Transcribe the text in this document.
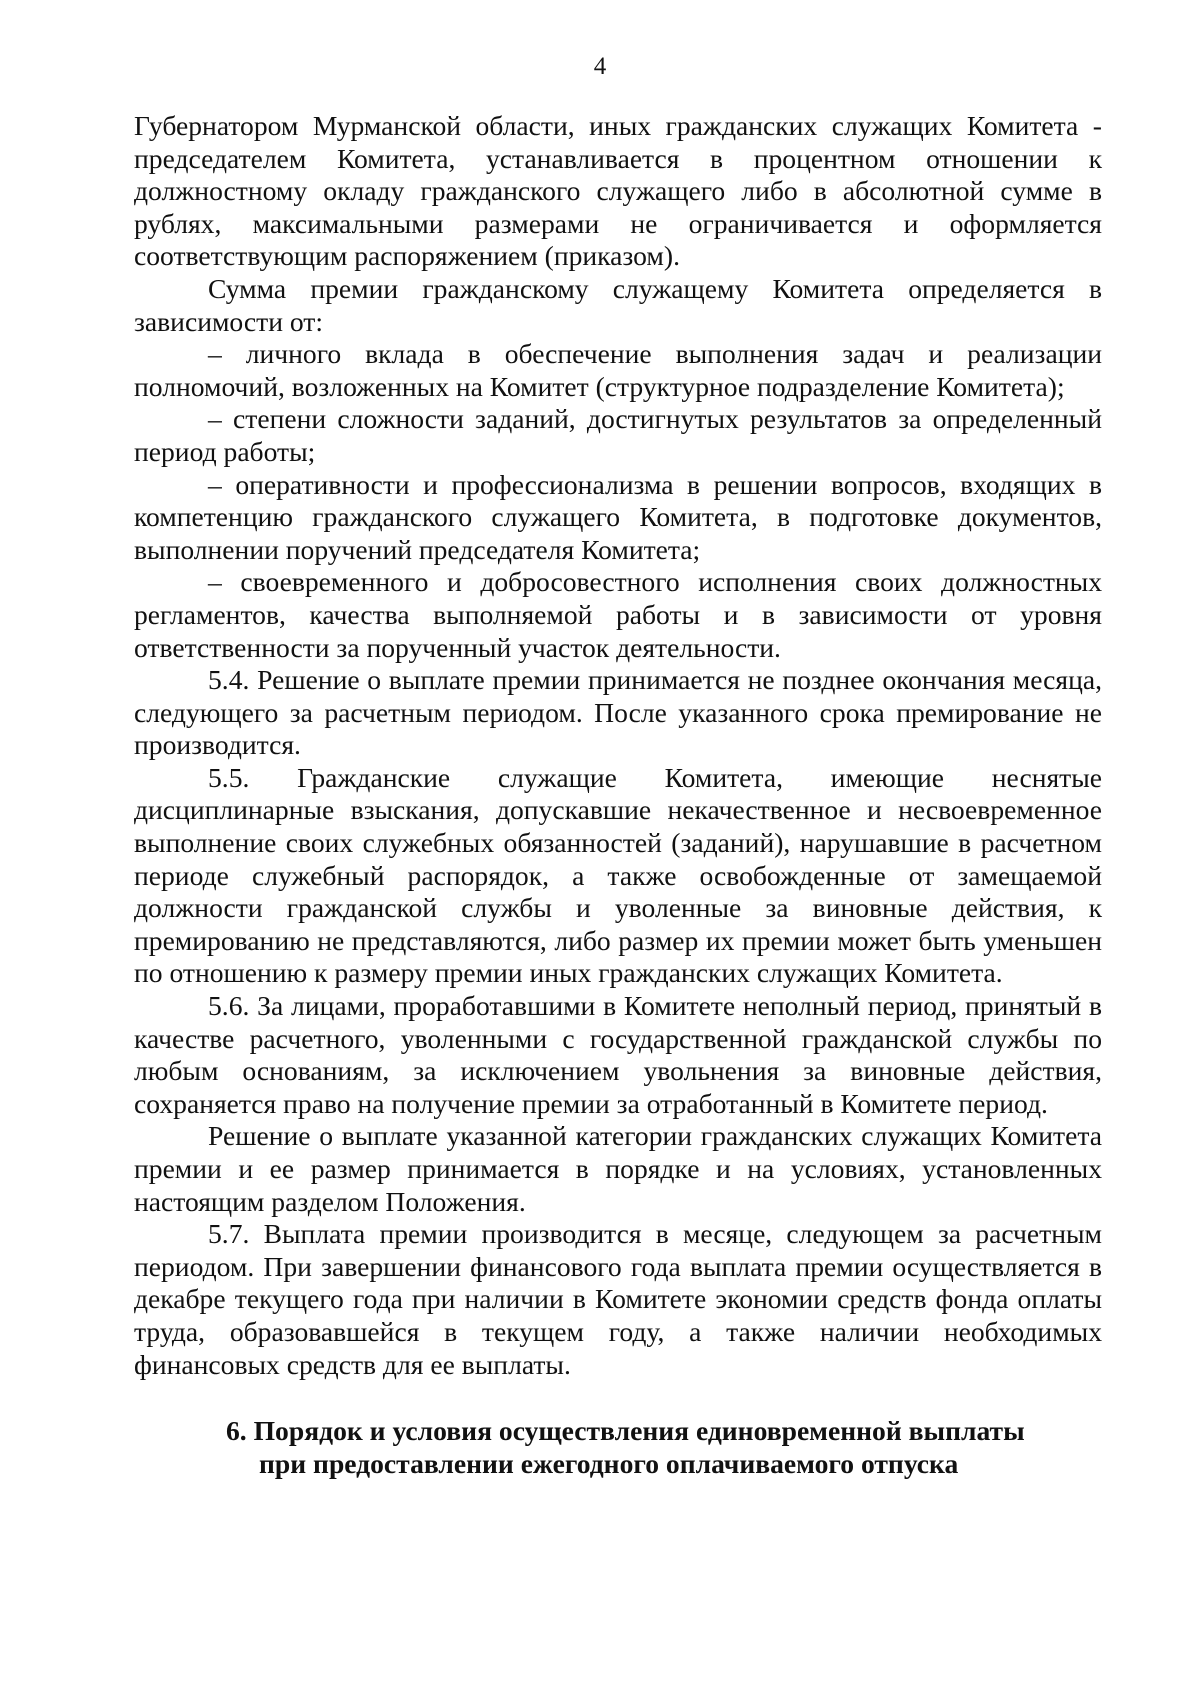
4

Губернатором Мурманской области, иных гражданских служащих Комитета - председателем Комитета, устанавливается в процентном отношении к должностному окладу гражданского служащего либо в абсолютной сумме в рублях, максимальными размерами не ограничивается и оформляется соответствующим распоряжением (приказом).

Сумма премии гражданскому служащему Комитета определяется в зависимости от:

– личного вклада в обеспечение выполнения задач и реализации полномочий, возложенных на Комитет (структурное подразделение Комитета);

– степени сложности заданий, достигнутых результатов за определенный период работы;

– оперативности и профессионализма в решении вопросов, входящих в компетенцию гражданского служащего Комитета, в подготовке документов, выполнении поручений председателя Комитета;

– своевременного и добросовестного исполнения своих должностных регламентов, качества выполняемой работы и в зависимости от уровня ответственности за порученный участок деятельности.

5.4. Решение о выплате премии принимается не позднее окончания месяца, следующего за расчетным периодом. После указанного срока премирование не производится.

5.5. Гражданские служащие Комитета, имеющие неснятые дисциплинарные взыскания, допускавшие некачественное и несвоевременное выполнение своих служебных обязанностей (заданий), нарушавшие в расчетном периоде служебный распорядок, а также освобожденные от замещаемой должности гражданской службы и уволенные за виновные действия, к премированию не представляются, либо размер их премии может быть уменьшен по отношению к размеру премии иных гражданских служащих Комитета.

5.6. За лицами, проработавшими в Комитете неполный период, принятый в качестве расчетного, уволенными с государственной гражданской службы по любым основаниям, за исключением увольнения за виновные действия, сохраняется право на получение премии за отработанный в Комитете период.

Решение о выплате указанной категории гражданских служащих Комитета премии и ее размер принимается в порядке и на условиях, установленных настоящим разделом Положения.

5.7. Выплата премии производится в месяце, следующем за расчетным периодом. При завершении финансового года выплата премии осуществляется в декабре текущего года при наличии в Комитете экономии средств фонда оплаты труда, образовавшейся в текущем году, а также наличии необходимых финансовых средств для ее выплаты.

6. Порядок и условия осуществления единовременной выплаты
при предоставлении ежегодного оплачиваемого отпуска
